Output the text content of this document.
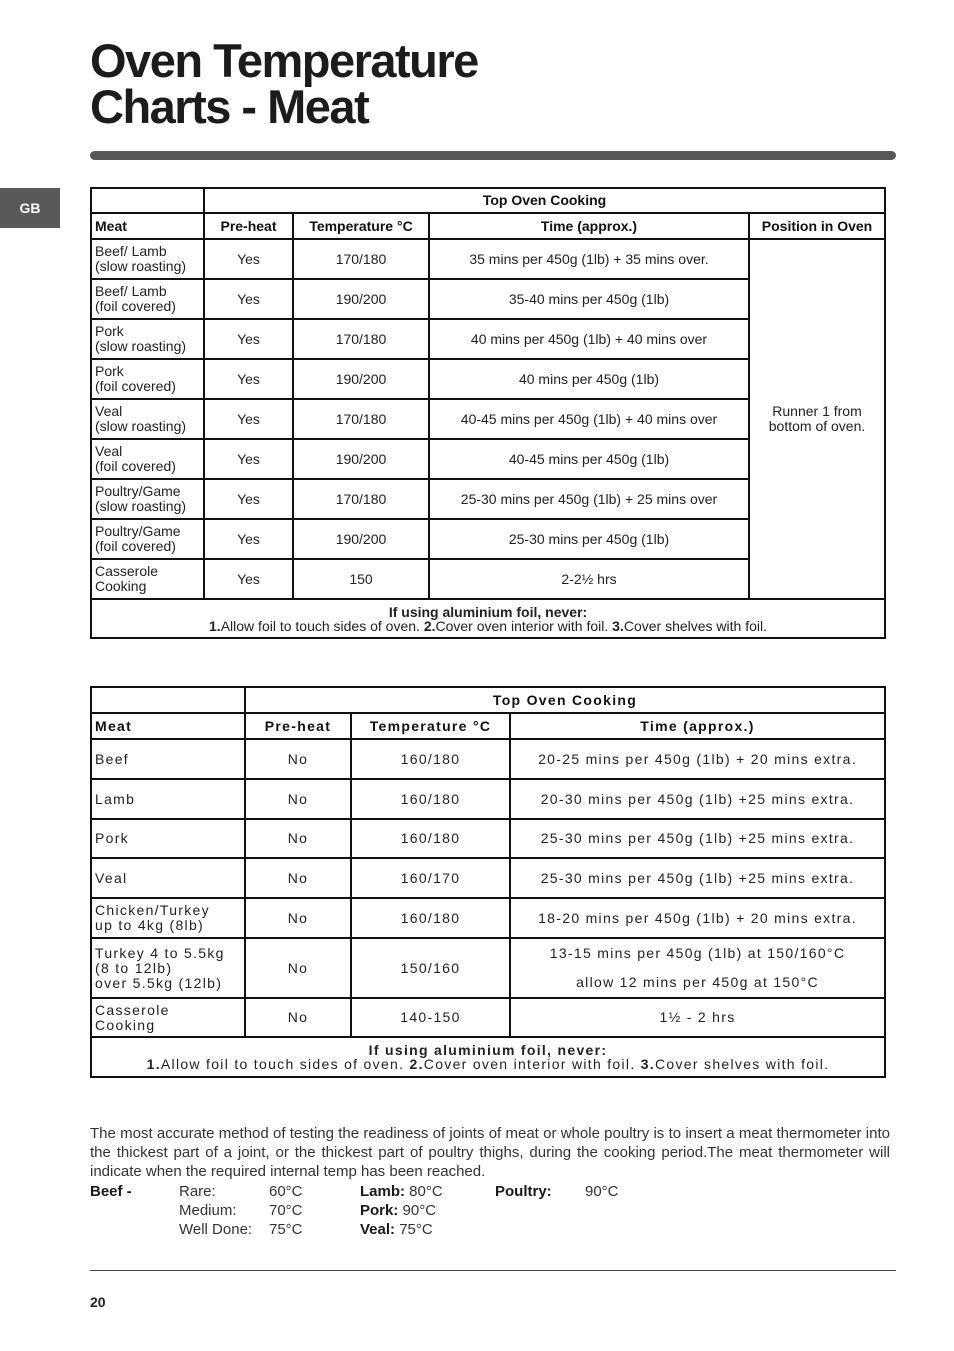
Oven Temperature
Charts - Meat
GB
		Top Oven Cooking			
Meat	Pre-heat	Temperature °C	Time (approx.)	Position in Oven
Beef/ Lamb
(slow roasting)	Yes	170/180	35 mins per 450g (1lb) + 35 mins over.	Runner 1 from
bottom of oven.
Beef/ Lamb
(foil covered)	Yes	190/200	35-40 mins per 450g (1lb)	
Pork
(slow roasting)	Yes	170/180	40 mins per 450g (1lb) + 40 mins over	
Pork
(foil covered)	Yes	190/200	40 mins per 450g (1lb)	
Veal
(slow roasting)	Yes	170/180	40-45 mins per 450g (1lb) + 40 mins over	
Veal
(foil covered)	Yes	190/200	40-45 mins per 450g (1lb)	
Poultry/Game
(slow roasting)	Yes	170/180	25-30 mins per 450g (1lb) + 25 mins over	
Poultry/Game
(foil covered)	Yes	190/200	25-30 mins per 450g (1lb)	
Casserole
Cooking	Yes	150	2-2½ hrs	

If using aluminium foil, never:
1.Allow foil to touch sides of oven. 2.Cover oven interior with foil. 3.Cover shelves with foil.				
	Top Oven Cooking		
Meat	Pre-heat	Temperature °C	Time (approx.)
Beef	No	160/180	20-25 mins per 450g (1lb) + 20 mins extra.
Lamb	No	160/180	20-30 mins per 450g (1lb) +25 mins extra.
Pork	No	160/180	25-30 mins per 450g (1lb) +25 mins extra.
Veal	No	160/170	25-30 mins per 450g (1lb) +25 mins extra.
Chicken/Turkey
up to 4kg (8lb)	No	160/180	18-20 mins per 450g (1lb) + 20 mins extra.
Turkey 4 to 5.5kg
(8 to 12lb)
over 5.5kg (12lb)	No	150/160	13-15 mins per 450g (1lb) at 150/160°C
allow 12 mins per 450g at 150°C
Casserole
Cooking	No	140-150	1½ - 2 hrs

If using aluminium foil, never:
1.Allow foil to touch sides of oven. 2.Cover oven interior with foil. 3.Cover shelves with foil.			

The most accurate method of testing the readiness of joints of meat or whole poultry is to insert a meat thermometer into the thickest part of a joint, or the thickest part of poultry thighs, during the cooking period.The meat thermometer will indicate when the required internal temp has been reached.

Beef -	Rare:	60°C
Medium: 70°C
Well Done: 75°C
Lamb: 80°C
Pork: 90°C
Veal: 75°C
Poultry: 90°C
20
